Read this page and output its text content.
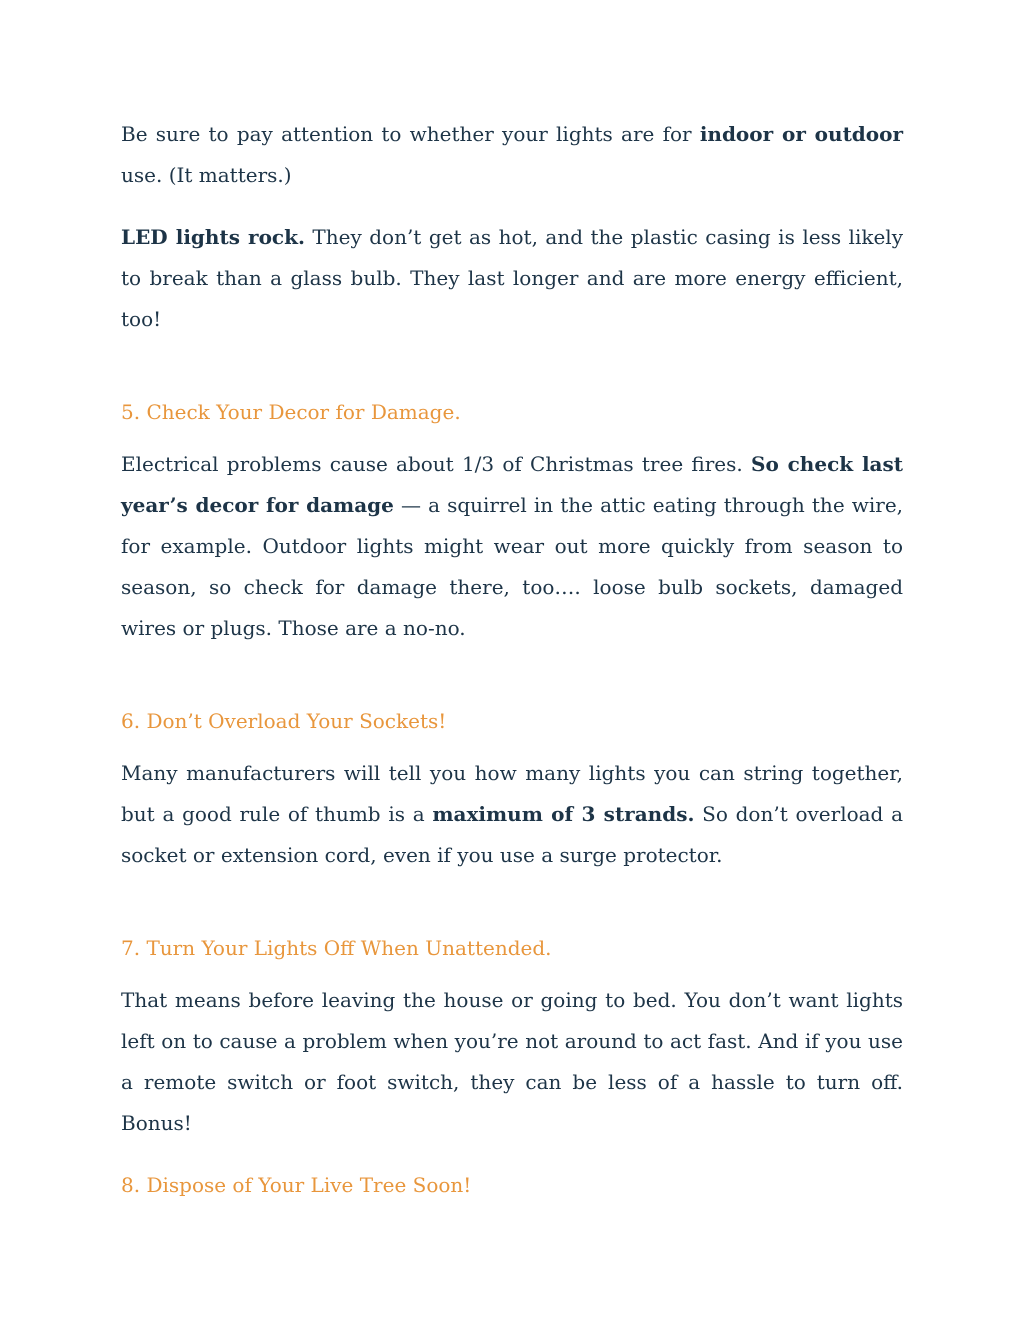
Be sure to pay attention to whether your lights are for indoor or outdoor use. (It matters.)

LED lights rock. They don’t get as hot, and the plastic casing is less likely to break than a glass bulb. They last longer and are more energy efficient, too!

5. Check Your Decor for Damage.

Electrical problems cause about 1/3 of Christmas tree fires. So check last year’s decor for damage — a squirrel in the attic eating through the wire, for example. Outdoor lights might wear out more quickly from season to season, so check for damage there, too…. loose bulb sockets, damaged wires or plugs. Those are a no-no.

6. Don’t Overload Your Sockets!

Many manufacturers will tell you how many lights you can string together, but a good rule of thumb is a maximum of 3 strands. So don’t overload a socket or extension cord, even if you use a surge protector.

7. Turn Your Lights Off When Unattended.

That means before leaving the house or going to bed. You don’t want lights left on to cause a problem when you’re not around to act fast. And if you use a remote switch or foot switch, they can be less of a hassle to turn off. Bonus!

8. Dispose of Your Live Tree Soon!
